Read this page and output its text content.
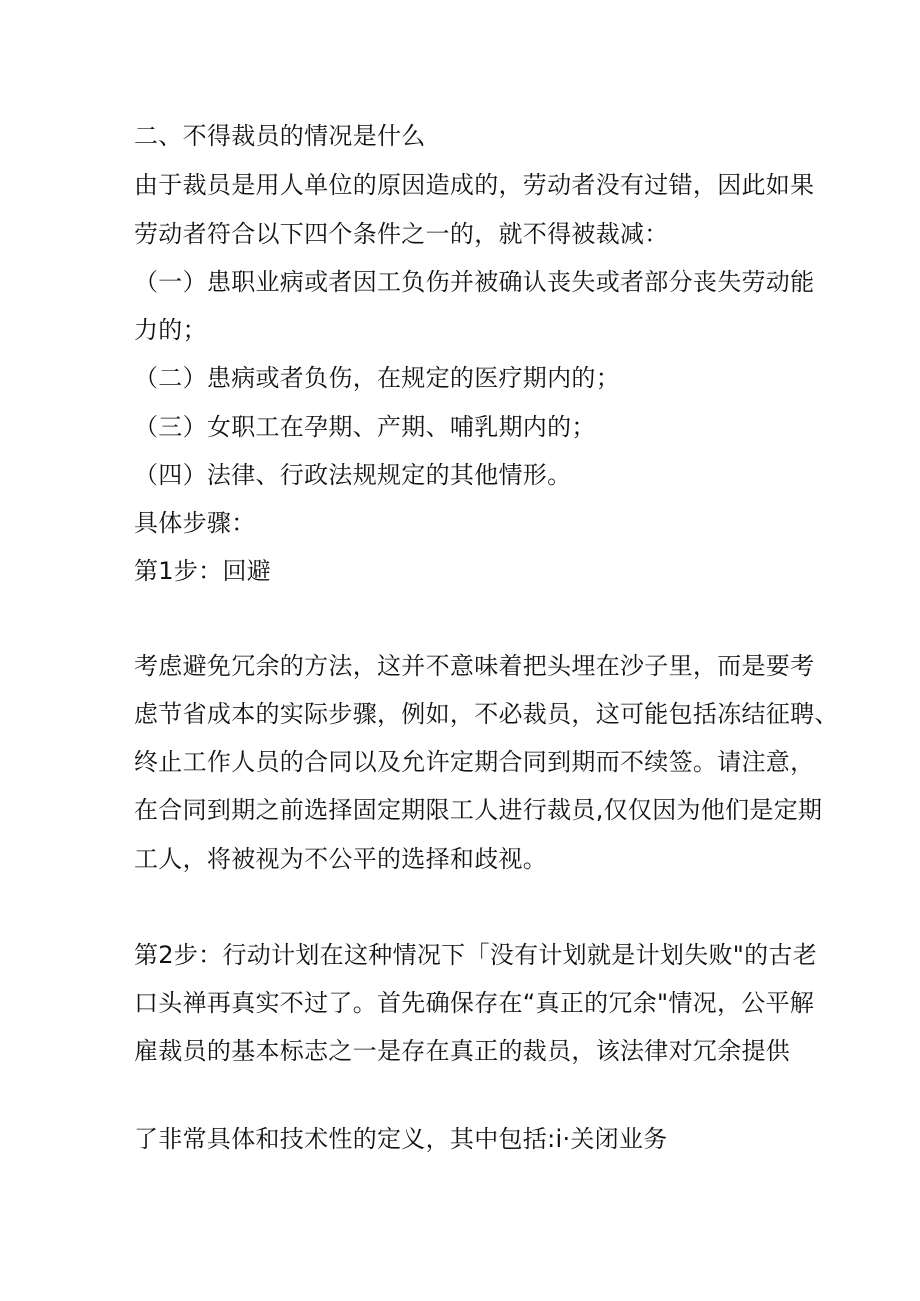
二、不得裁员的情况是什么
由于裁员是用人单位的原因造成的，劳动者没有过错，因此如果
劳动者符合以下四个条件之一的，就不得被裁减：
（一）患职业病或者因工负伤并被确认丧失或者部分丧失劳动能
力的；
（二）患病或者负伤，在规定的医疗期内的；
（三）女职工在孕期、产期、哺乳期内的；
（四）法律、行政法规规定的其他情形。
具体步骤：
第1步：回避
考虑避免冗余的方法，这并不意味着把头埋在沙子里，而是要考
虑节省成本的实际步骤，例如，不必裁员，这可能包括冻结征聘、
终止工作人员的合同以及允许定期合同到期而不续签。请注意，
在合同到期之前选择固定期限工人进行裁员,仅仅因为他们是定期
工人，将被视为不公平的选择和歧视。
第2步：行动计划在这种情况下「没有计划就是计划失败"的古老
口头禅再真实不过了。首先确保存在“真正的冗余"情况，公平解
雇裁员的基本标志之一是存在真正的裁员，该法律对冗余提供
了非常具体和技术性的定义，其中包括:i·关闭业务
